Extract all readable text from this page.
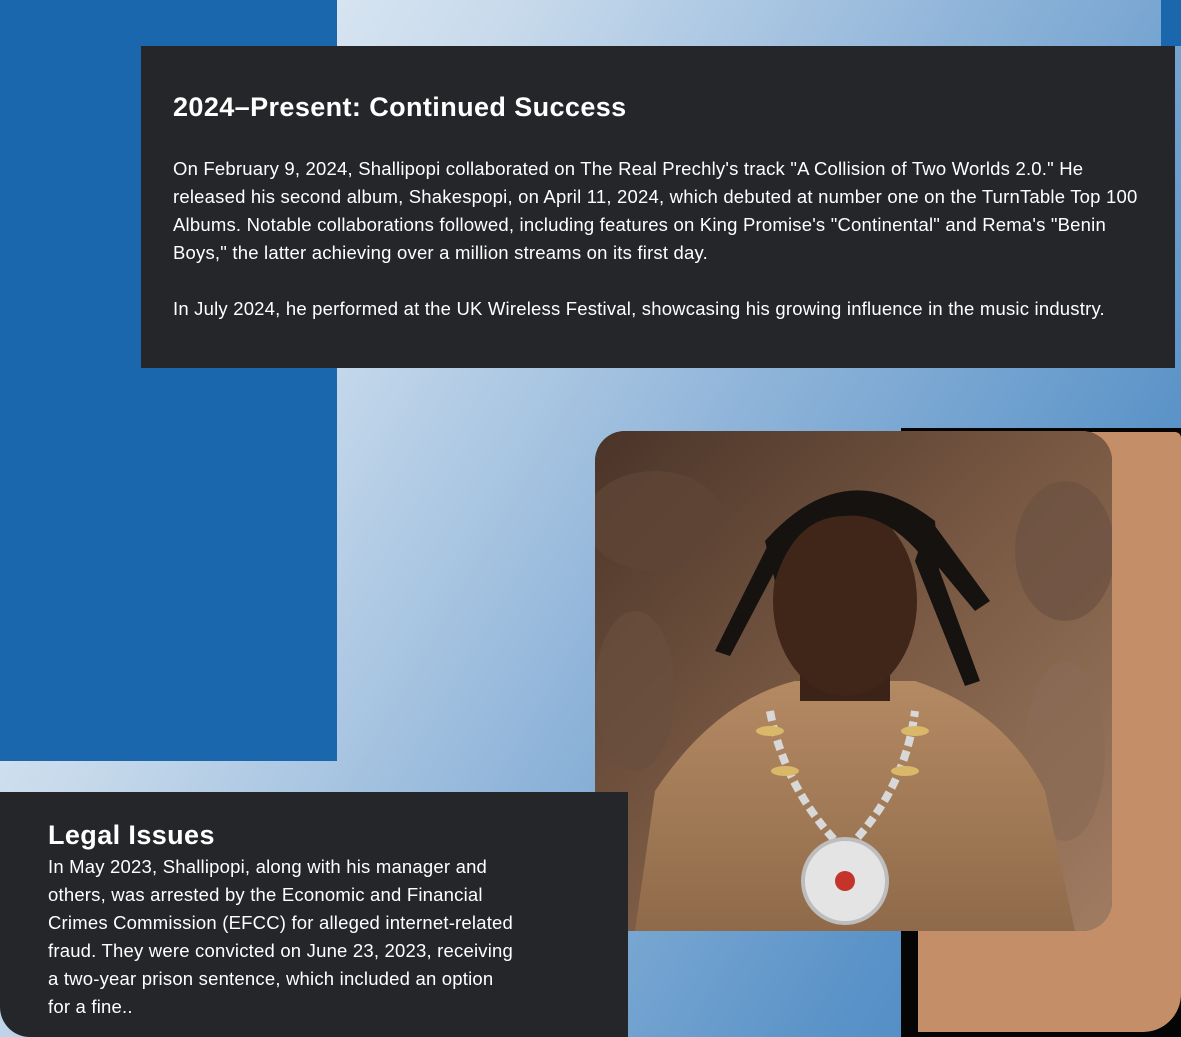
2024–Present: Continued Success

On February 9, 2024, Shallipopi collaborated on The Real Prechly's track "A Collision of Two Worlds 2.0." He released his second album, Shakespopi, on April 11, 2024, which debuted at number one on the TurnTable Top 100 Albums. Notable collaborations followed, including features on King Promise's "Continental" and Rema's "Benin Boys," the latter achieving over a million streams on its first day.

In July 2024, he performed at the UK Wireless Festival, showcasing his growing influence in the music industry.

Legal Issues

In May 2023, Shallipopi, along with his manager and others, was arrested by the Economic and Financial Crimes Commission (EFCC) for alleged internet-related fraud. They were convicted on June 23, 2023, receiving a two-year prison sentence, which included an option for a fine..
